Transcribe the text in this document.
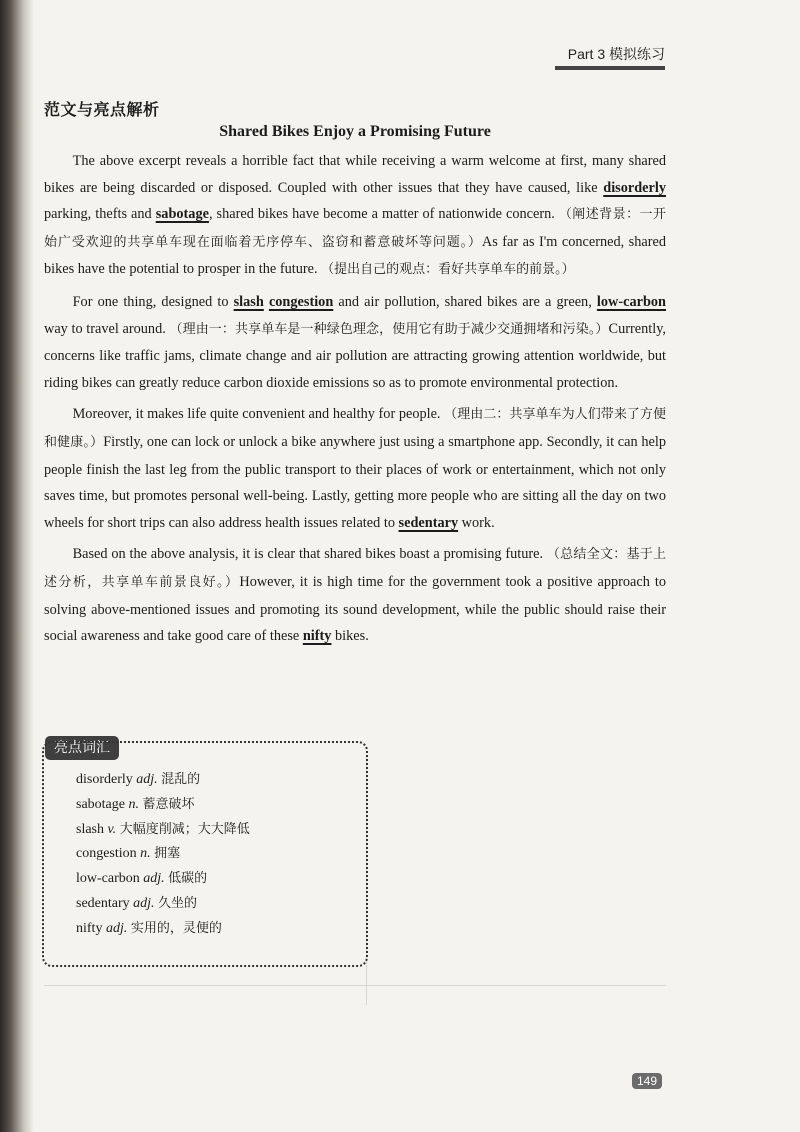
Part 3 模拟练习
范文与亮点解析
Shared Bikes Enjoy a Promising Future

The above excerpt reveals a horrible fact that while receiving a warm welcome at first, many shared bikes are being discarded or disposed. Coupled with other issues that they have caused, like disorderly parking, thefts and sabotage, shared bikes have become a matter of nationwide concern. （阐述背景：一开始广受欢迎的共享单车现在面临着无序停车、盗窃和蓄意破坏等问题。）As far as I'm concerned, shared bikes have the potential to prosper in the future. （提出自己的观点：看好共享单车的前景。）

For one thing, designed to slash congestion and air pollution, shared bikes are a green, low-carbon way to travel around. （理由一：共享单车是一种绿色理念，使用它有助于减少交通拥堵和污染。）Currently, concerns like traffic jams, climate change and air pollution are attracting growing attention worldwide, but riding bikes can greatly reduce carbon dioxide emissions so as to promote environmental protection.

Moreover, it makes life quite convenient and healthy for people. （理由二：共享单车为人们带来了方便和健康。）Firstly, one can lock or unlock a bike anywhere just using a smartphone app. Secondly, it can help people finish the last leg from the public transport to their places of work or entertainment, which not only saves time, but promotes personal well-being. Lastly, getting more people who are sitting all the day on two wheels for short trips can also address health issues related to sedentary work.

Based on the above analysis, it is clear that shared bikes boast a promising future. （总结全文：基于上述分析，共享单车前景良好。）However, it is high time for the government took a positive approach to solving above-mentioned issues and promoting its sound development, while the public should raise their social awareness and take good care of these nifty bikes.

亮点词汇
disorderly adj. 混乱的
sabotage n. 蓄意破坏
slash v. 大幅度削减；大大降低
congestion n. 拥塞
low-carbon adj. 低碳的
sedentary adj. 久坐的
nifty adj. 实用的，灵便的
149
